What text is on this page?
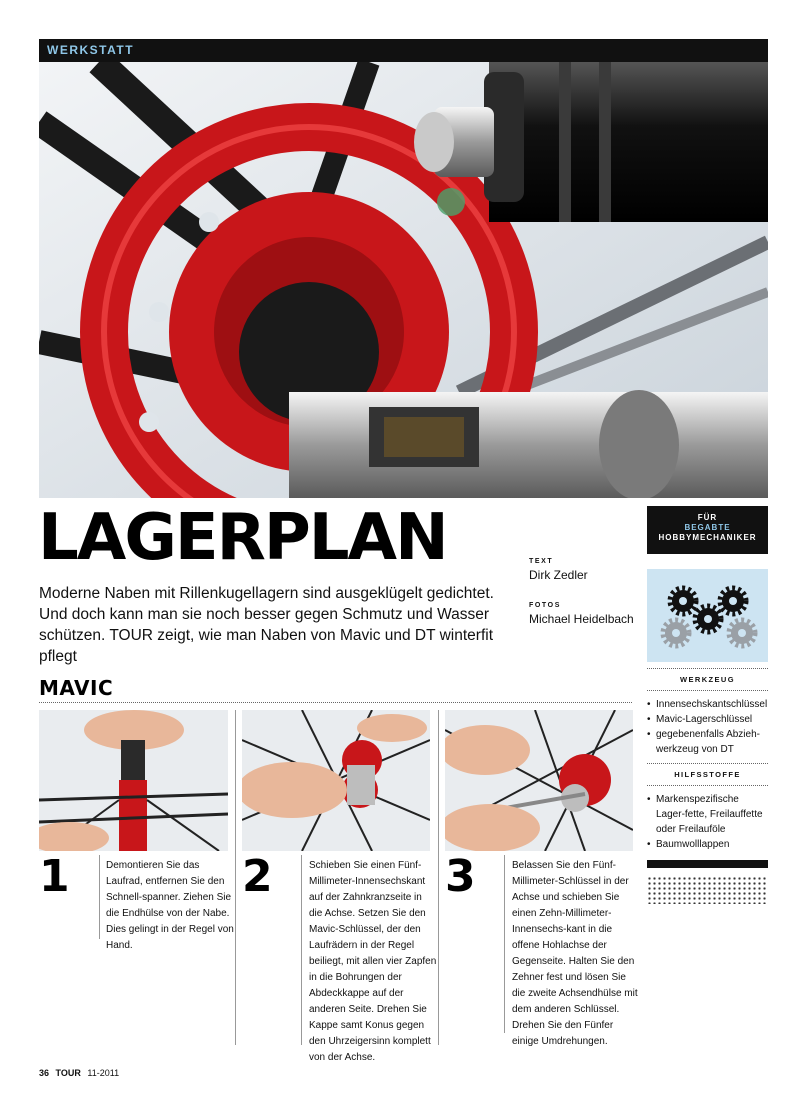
WERKSTATT
LAGERPLAN

Moderne Naben mit Rillenkugellagern sind ausgeklügelt gedichtet. Und doch kann man sie noch besser gegen Schmutz und Wasser schützen. TOUR zeigt, wie man Naben von Mavic und DT winterfit pflegt

TEXT
Dirk Zedler
FOTOS
Michael Heidelbach
FÜR
BEGABTE
HOBBYMECHANIKER
WERKZEUG
• Innensechskantschlüssel
• Mavic-Lagerschlüssel
• gegebenenfalls Abzieh-werkzeug von DT
HILFSSTOFFE
• Markenspezifische Lager-fette, Freilauffette oder Freilauföle
• Baumwolllappen
MAVIC
1	Demontieren Sie das Laufrad, entfernen Sie den Schnell-spanner. Ziehen Sie die Endhülse von der Nabe. Dies gelingt in der Regel von Hand.

2	Schieben Sie einen Fünf-Millimeter-Innensechskant auf der Zahnkranzseite in die Achse. Setzen Sie den Mavic-Schlüssel, der den Laufrädern in der Regel beiliegt, mit allen vier Zapfen in die Bohrungen der Abdeckkappe auf der anderen Seite. Drehen Sie Kappe samt Konus gegen den Uhrzeigersinn komplett von der Achse.

3	Belassen Sie den Fünf-Millimeter-Schlüssel in der Achse und schieben Sie einen Zehn-Millimeter-Innensechs-kant in die offene Hohlachse der Gegenseite. Halten Sie den Zehner fest und lösen Sie die zweite Achsendhülse mit dem anderen Schlüssel. Drehen Sie den Fünfer einige Umdrehungen.

36 TOUR 11-2011
